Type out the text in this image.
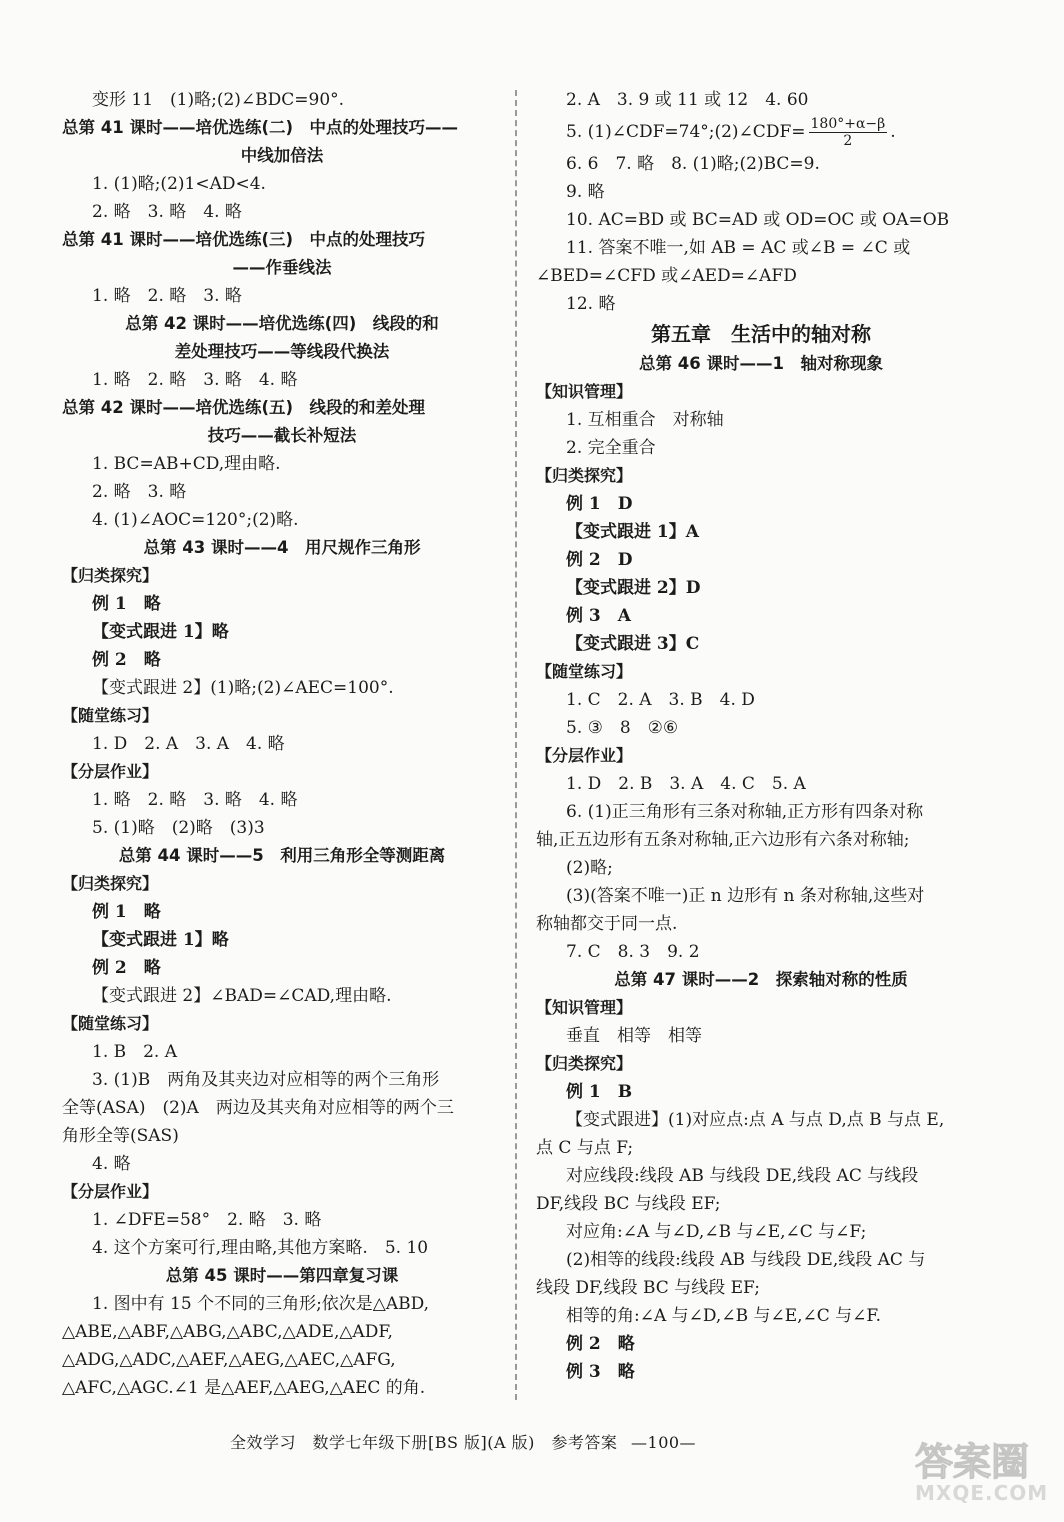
变形 11　(1)略;(2)∠BDC=90°.
总第 41 课时——培优选练(二)　中点的处理技巧——
中线加倍法
1. (1)略;(2)1<AD<4.
2. 略　3. 略　4. 略
总第 41 课时——培优选练(三)　中点的处理技巧
——作垂线法
1. 略　2. 略　3. 略
总第 42 课时——培优选练(四)　线段的和
差处理技巧——等线段代换法
1. 略　2. 略　3. 略　4. 略
总第 42 课时——培优选练(五)　线段的和差处理
技巧——截长补短法
1. BC=AB+CD,理由略.
2. 略　3. 略
4. (1)∠AOC=120°;(2)略.
总第 43 课时——4　用尺规作三角形
【归类探究】
例 1　略
【变式跟进 1】略
例 2　略
【变式跟进 2】(1)略;(2)∠AEC=100°.
【随堂练习】
1. D　2. A　3. A　4. 略
【分层作业】
1. 略　2. 略　3. 略　4. 略
5. (1)略　(2)略　(3)3
总第 44 课时——5　利用三角形全等测距离
【归类探究】
例 1　略
【变式跟进 1】略
例 2　略
【变式跟进 2】∠BAD=∠CAD,理由略.
【随堂练习】
1. B　2. A
3. (1)B　两角及其夹边对应相等的两个三角形
全等(ASA)　(2)A　两边及其夹角对应相等的两个三
角形全等(SAS)
4. 略
【分层作业】
1. ∠DFE=58°　2. 略　3. 略
4. 这个方案可行,理由略,其他方案略.　5. 10
总第 45 课时——第四章复习课
1. 图中有 15 个不同的三角形;依次是△ABD,
△ABE,△ABF,△ABG,△ABC,△ADE,△ADF,
△ADG,△ADC,△AEF,△AEG,△AEC,△AFG,
△AFC,△AGC.∠1 是△AEF,△AEG,△AEC 的角.
2. A　3. 9 或 11 或 12　4. 60
5. (1)∠CDF=74°;(2)∠CDF= $\frac{180^\circ+\alpha-\beta}{2}$ .
6. 6　7. 略　8. (1)略;(2)BC=9.
9. 略
10. AC=BD 或 BC=AD 或 OD=OC 或 OA=OB
11. 答案不唯一,如 AB = AC 或∠B = ∠C 或
∠BED=∠CFD 或∠AED=∠AFD
12. 略
第五章　生活中的轴对称
总第 46 课时——1　轴对称现象
【知识管理】
1. 互相重合　对称轴
2. 完全重合
【归类探究】
例 1　D
【变式跟进 1】A
例 2　D
【变式跟进 2】D
例 3　A
【变式跟进 3】C
【随堂练习】
1. C　2. A　3. B　4. D
5. ③　8　②⑥
【分层作业】
1. D　2. B　3. A　4. C　5. A
6. (1)正三角形有三条对称轴,正方形有四条对称
轴,正五边形有五条对称轴,正六边形有六条对称轴;
(2)略;
(3)(答案不唯一)正 n 边形有 n 条对称轴,这些对
称轴都交于同一点.
7. C　8. 3　9. 2
总第 47 课时——2　探索轴对称的性质
【知识管理】
垂直　相等　相等
【归类探究】
例 1　B
【变式跟进】(1)对应点:点 A 与点 D,点 B 与点 E,
点 C 与点 F;
对应线段:线段 AB 与线段 DE,线段 AC 与线段
DF,线段 BC 与线段 EF;
对应角:∠A 与∠D,∠B 与∠E,∠C 与∠F;
(2)相等的线段:线段 AB 与线段 DE,线段 AC 与
线段 DF,线段 BC 与线段 EF;
相等的角:∠A 与∠D,∠B 与∠E,∠C 与∠F.
例 2　略
例 3　略
全效学习　数学七年级下册[BS 版](A 版)　参考答案 —100—	答案圈
MXQE.COM
